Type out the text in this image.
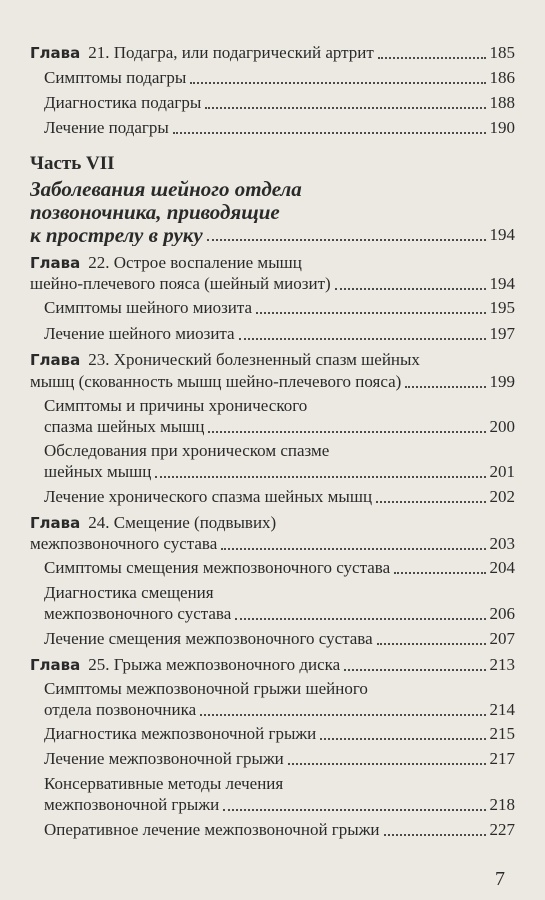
Глава 21. Подагра, или подагрический артрит	185
Симптомы подагры	186
Диагностика подагры	188
Лечение подагры	190
Часть VII
Заболевания шейного отдела
позвоночника, приводящие
к прострелу в руку	194
Глава 22. Острое воспаление мышц
шейно-плечевого пояса (шейный миозит)	194
Симптомы шейного миозита	195
Лечение шейного миозита	197
Глава 23. Хронический болезненный спазм шейных
мышц (скованность мышц шейно-плечевого пояса)	199
Симптомы и причины хронического
спазма шейных мышц	200
Обследования при хроническом спазме
шейных мышц	201
Лечение хронического спазма шейных мышц	202
Глава 24. Смещение (подвывих)
межпозвоночного сустава	203
Симптомы смещения межпозвоночного сустава	204
Диагностика смещения
межпозвоночного сустава	206
Лечение смещения межпозвоночного сустава	207
Глава 25. Грыжа межпозвоночного диска	213
Симптомы межпозвоночной грыжи шейного
отдела позвоночника	214
Диагностика межпозвоночной грыжи	215
Лечение межпозвоночной грыжи	217
Консервативные методы лечения
межпозвоночной грыжи	218
Оперативное лечение межпозвоночной грыжи	227
7
